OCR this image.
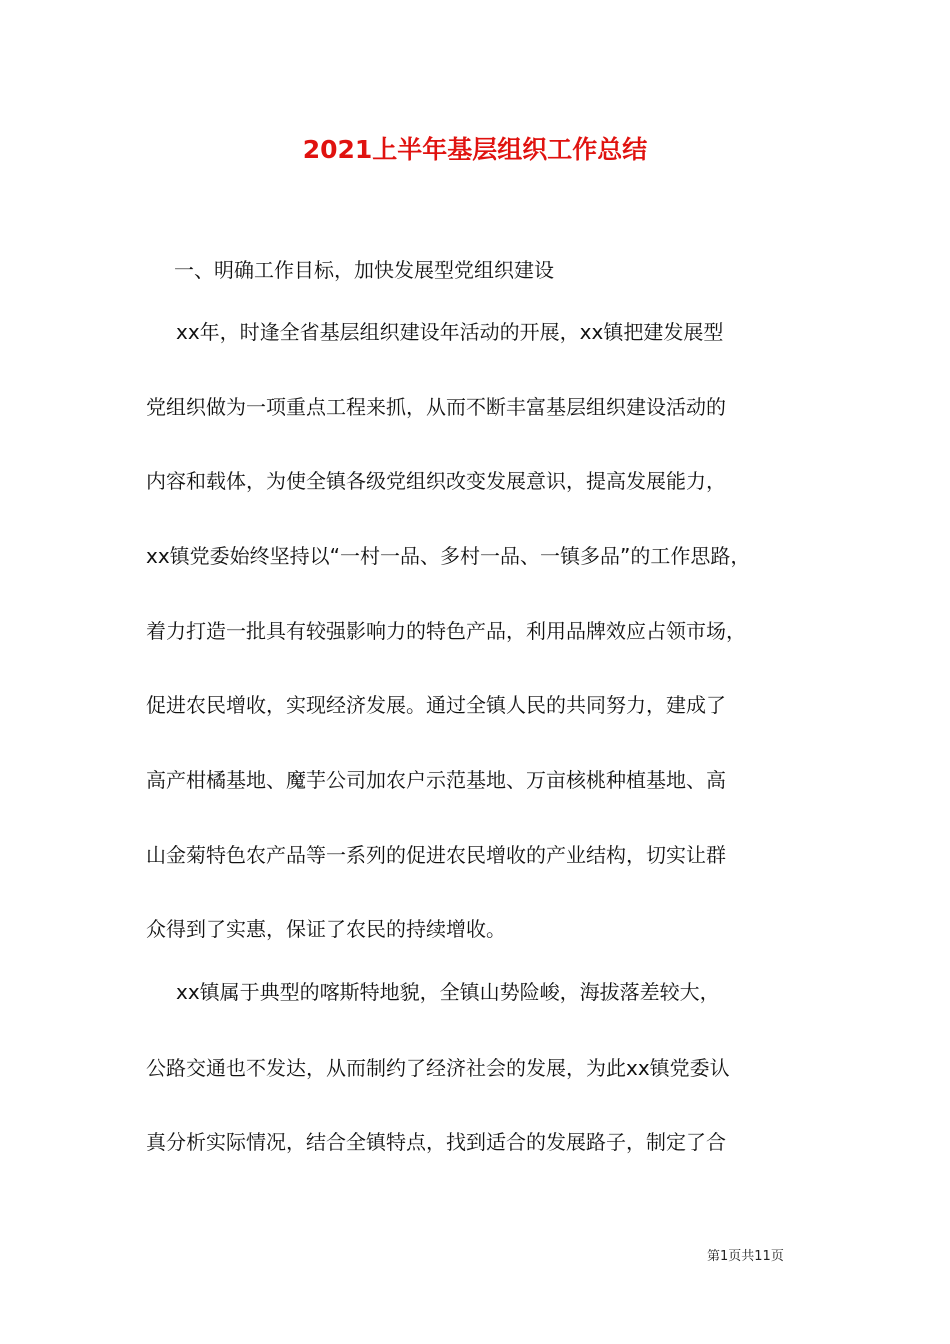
2021上半年基层组织工作总结

一、明确工作目标，加快发展型党组织建设

xx年，时逢全省基层组织建设年活动的开展，xx镇把建发展型

党组织做为一项重点工程来抓，从而不断丰富基层组织建设活动的

内容和载体，为使全镇各级党组织改变发展意识，提高发展能力，

xx镇党委始终坚持以“一村一品、多村一品、一镇多品”的工作思路，

着力打造一批具有较强影响力的特色产品，利用品牌效应占领市场，

促进农民增收，实现经济发展。通过全镇人民的共同努力，建成了

高产柑橘基地、魔芋公司加农户示范基地、万亩核桃种植基地、高

山金菊特色农产品等一系列的促进农民增收的产业结构，切实让群

众得到了实惠，保证了农民的持续增收。

xx镇属于典型的喀斯特地貌，全镇山势险峻，海拔落差较大，

公路交通也不发达，从而制约了经济社会的发展，为此xx镇党委认

真分析实际情况，结合全镇特点，找到适合的发展路子，制定了合

第1页共11页
